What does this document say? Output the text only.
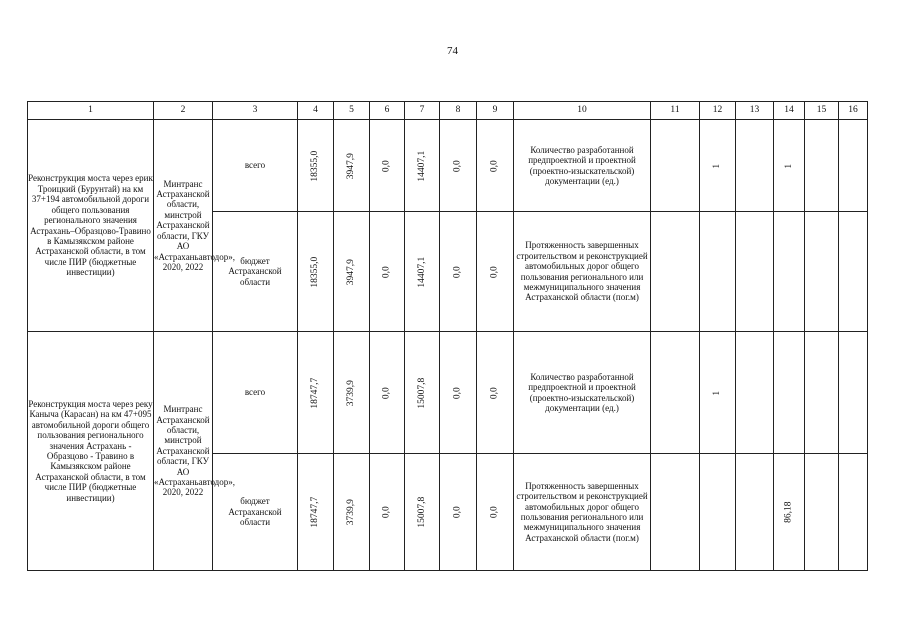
74
1	2	3	4	5	6	7	8	9	10	11	12	13	14	15	16
Реконструкция моста через ерик Троицкий (Бурунтай) на км 37+194 автомобильной дороги общего пользования регионального значения Астрахань–Образцово-Травино в Камызякском районе Астраханской области, в том числе ПИР (бюджетные инвестиции)	Минтранс Астраханской области, минстрой Астраханской области, ГКУ АО «Астраханьавтодор», 2020, 2022	всего	18355,0	3947,9	0,0	14407,1	0,0	0,0	Количество разработанной предпроектной и проектной (проектно-изыскательской) документации (ед.)		1		1		
		бюджет Астраханской области	18355,0	3947,9	0,0	14407,1	0,0	0,0	Протяженность завершенных строительством и реконструкцией автомобильных дорог общего пользования регионального или межмуниципального значения Астраханской области (пог.м)						
Реконструкция моста через реку Канычa (Карасан) на км 47+095 автомобильной дороги общего пользования регионального значения Астрахань - Образцово - Травино в Камызякском районе Астраханской области, в том числе ПИР (бюджетные инвестиции)	Минтранс Астраханской области, минстрой Астраханской области, ГКУ АО «Астраханьавтодор», 2020, 2022	всего	18747,7	3739,9	0,0	15007,8	0,0	0,0	Количество разработанной предпроектной и проектной (проектно-изыскательской) документации (ед.)		1				
		бюджет Астраханской области	18747,7	3739,9	0,0	15007,8	0,0	0,0	Протяженность завершенных строительством и реконструкцией автомобильных дорог общего пользования регионального или межмуниципального значения Астраханской области (пог.м)				86,18		
